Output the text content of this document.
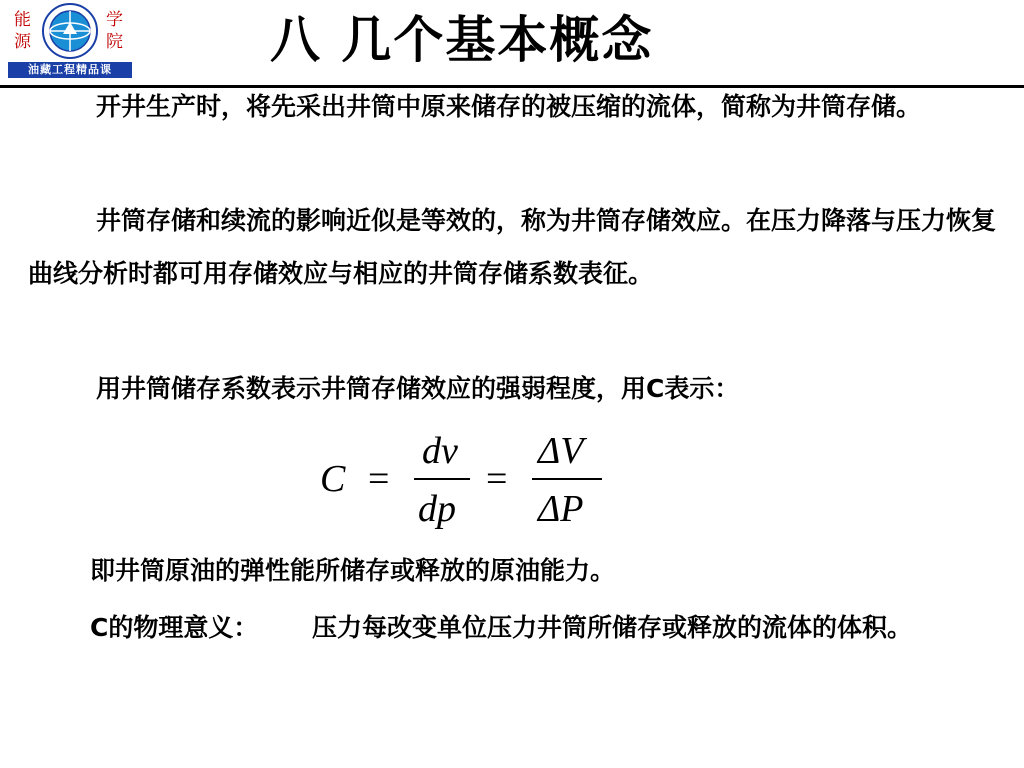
能
源
学
院
油藏工程精品课
八 几个基本概念
开井生产时，将先采出井筒中原来储存的被压缩的流体，简称为井筒存储。
井筒存储和续流的影响近似是等效的，称为井筒存储效应。在压力降落与压力恢复曲线分析时都可用存储效应与相应的井筒存储系数表征。
用井筒储存系数表示井筒存储效应的强弱程度，用C表示：
C
dv
dp
ΔV
ΔP
=	=
即井筒原油的弹性能所储存或释放的原油能力。
C的物理意义： 压力每改变单位压力井筒所储存或释放的流体的体积。
